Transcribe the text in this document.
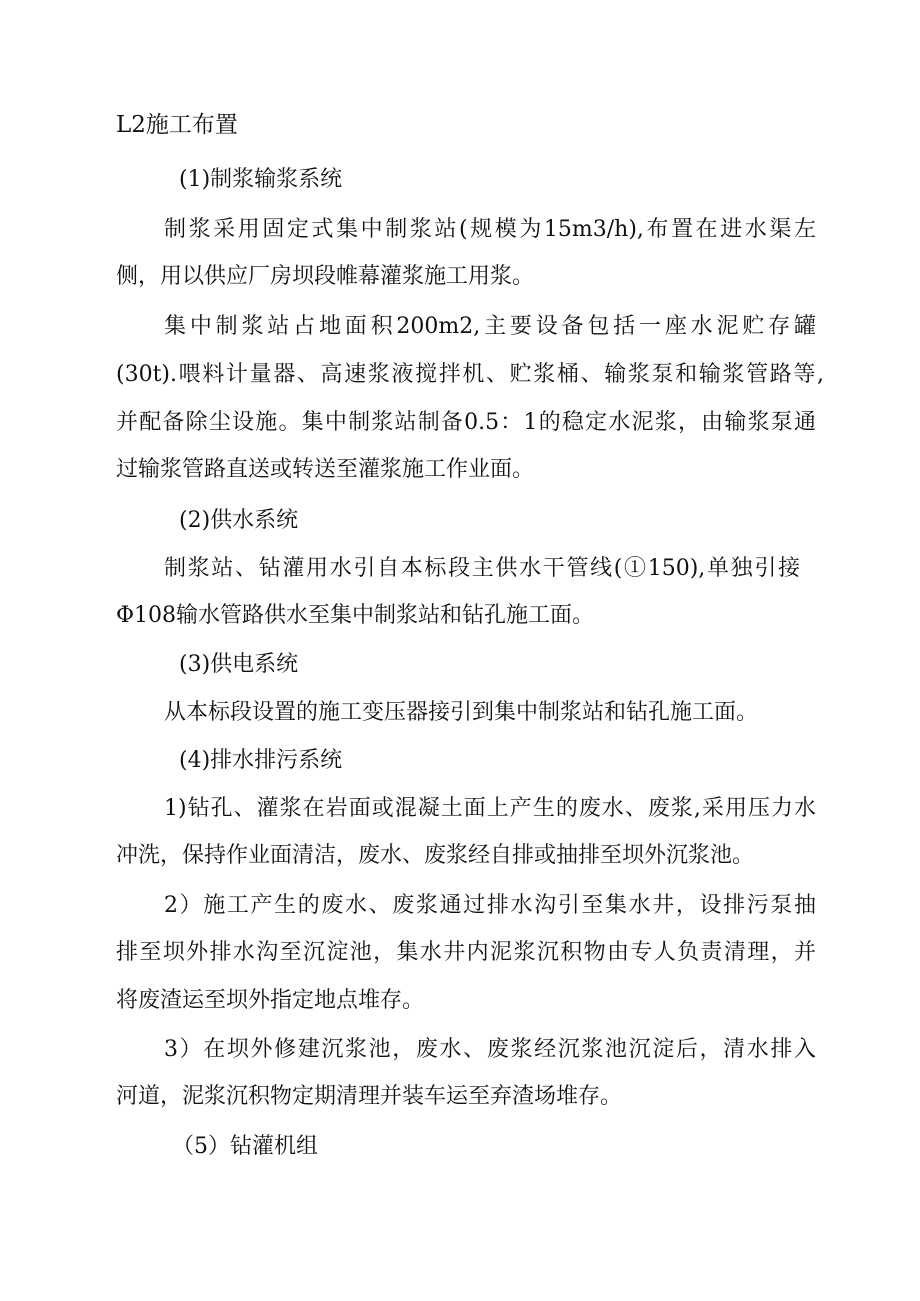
L2施工布置
(1)制浆输浆系统
制浆采用固定式集中制浆站(规模为15m3/h),布置在进水渠左
侧，用以供应厂房坝段帷幕灌浆施工用浆。
集中制浆站占地面积200m2,主要设备包括一座水泥贮存罐
(30t).喂料计量器、高速浆液搅拌机、贮浆桶、输浆泵和输浆管路等,
并配备除尘设施。集中制浆站制备0.5：1的稳定水泥浆，由输浆泵通
过输浆管路直送或转送至灌浆施工作业面。
(2)供水系统
制浆站、钻灌用水引自本标段主供水干管线(①150),单独引接
Φ108输水管路供水至集中制浆站和钻孔施工面。
(3)供电系统
从本标段设置的施工变压器接引到集中制浆站和钻孔施工面。
(4)排水排污系统
1)钻孔、灌浆在岩面或混凝土面上产生的废水、废浆,采用压力水
冲洗，保持作业面清洁，废水、废浆经自排或抽排至坝外沉浆池。
2）施工产生的废水、废浆通过排水沟引至集水井，设排污泵抽
排至坝外排水沟至沉淀池，集水井内泥浆沉积物由专人负责清理，并
将废渣运至坝外指定地点堆存。
3）在坝外修建沉浆池，废水、废浆经沉浆池沉淀后，清水排入
河道，泥浆沉积物定期清理并装车运至弃渣场堆存。
（5）钻灌机组
